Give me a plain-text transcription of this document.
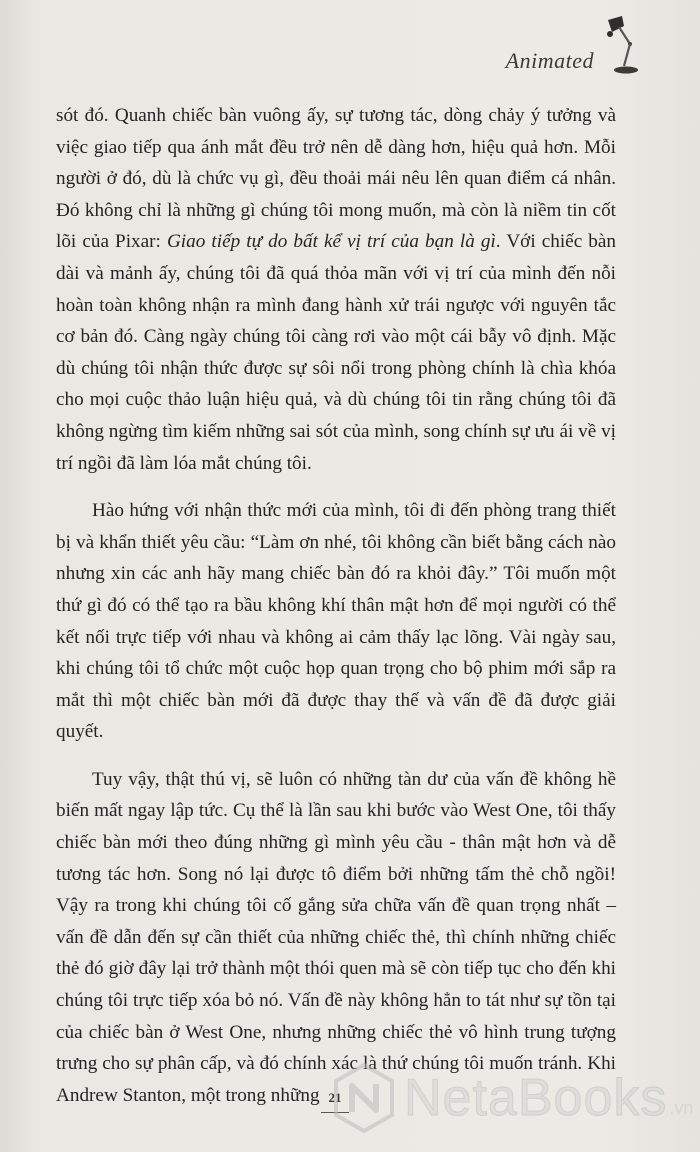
Animated

sót đó. Quanh chiếc bàn vuông ấy, sự tương tác, dòng chảy ý tưởng và việc giao tiếp qua ánh mắt đều trở nên dễ dàng hơn, hiệu quả hơn. Mỗi người ở đó, dù là chức vụ gì, đều thoải mái nêu lên quan điểm cá nhân. Đó không chỉ là những gì chúng tôi mong muốn, mà còn là niềm tin cốt lõi của Pixar: Giao tiếp tự do bất kể vị trí của bạn là gì. Với chiếc bàn dài và mảnh ấy, chúng tôi đã quá thỏa mãn với vị trí của mình đến nỗi hoàn toàn không nhận ra mình đang hành xử trái ngược với nguyên tắc cơ bản đó. Càng ngày chúng tôi càng rơi vào một cái bẫy vô định. Mặc dù chúng tôi nhận thức được sự sôi nổi trong phòng chính là chìa khóa cho mọi cuộc thảo luận hiệu quả, và dù chúng tôi tin rằng chúng tôi đã không ngừng tìm kiếm những sai sót của mình, song chính sự ưu ái về vị trí ngồi đã làm lóa mắt chúng tôi.

Hào hứng với nhận thức mới của mình, tôi đi đến phòng trang thiết bị và khẩn thiết yêu cầu: “Làm ơn nhé, tôi không cần biết bằng cách nào nhưng xin các anh hãy mang chiếc bàn đó ra khỏi đây.” Tôi muốn một thứ gì đó có thể tạo ra bầu không khí thân mật hơn để mọi người có thể kết nối trực tiếp với nhau và không ai cảm thấy lạc lõng. Vài ngày sau, khi chúng tôi tổ chức một cuộc họp quan trọng cho bộ phim mới sắp ra mắt thì một chiếc bàn mới đã được thay thế và vấn đề đã được giải quyết.

Tuy vậy, thật thú vị, sẽ luôn có những tàn dư của vấn đề không hề biến mất ngay lập tức. Cụ thể là lần sau khi bước vào West One, tôi thấy chiếc bàn mới theo đúng những gì mình yêu cầu - thân mật hơn và dễ tương tác hơn. Song nó lại được tô điểm bởi những tấm thẻ chỗ ngồi! Vậy ra trong khi chúng tôi cố gắng sửa chữa vấn đề quan trọng nhất – vấn đề dẫn đến sự cần thiết của những chiếc thẻ, thì chính những chiếc thẻ đó giờ đây lại trở thành một thói quen mà sẽ còn tiếp tục cho đến khi chúng tôi trực tiếp xóa bỏ nó. Vấn đề này không hẳn to tát như sự tồn tại của chiếc bàn ở West One, nhưng những chiếc thẻ vô hình trung tượng trưng cho sự phân cấp, và đó chính xác là thứ chúng tôi muốn tránh. Khi Andrew Stanton, một trong những 21	NetaBooks .vn
